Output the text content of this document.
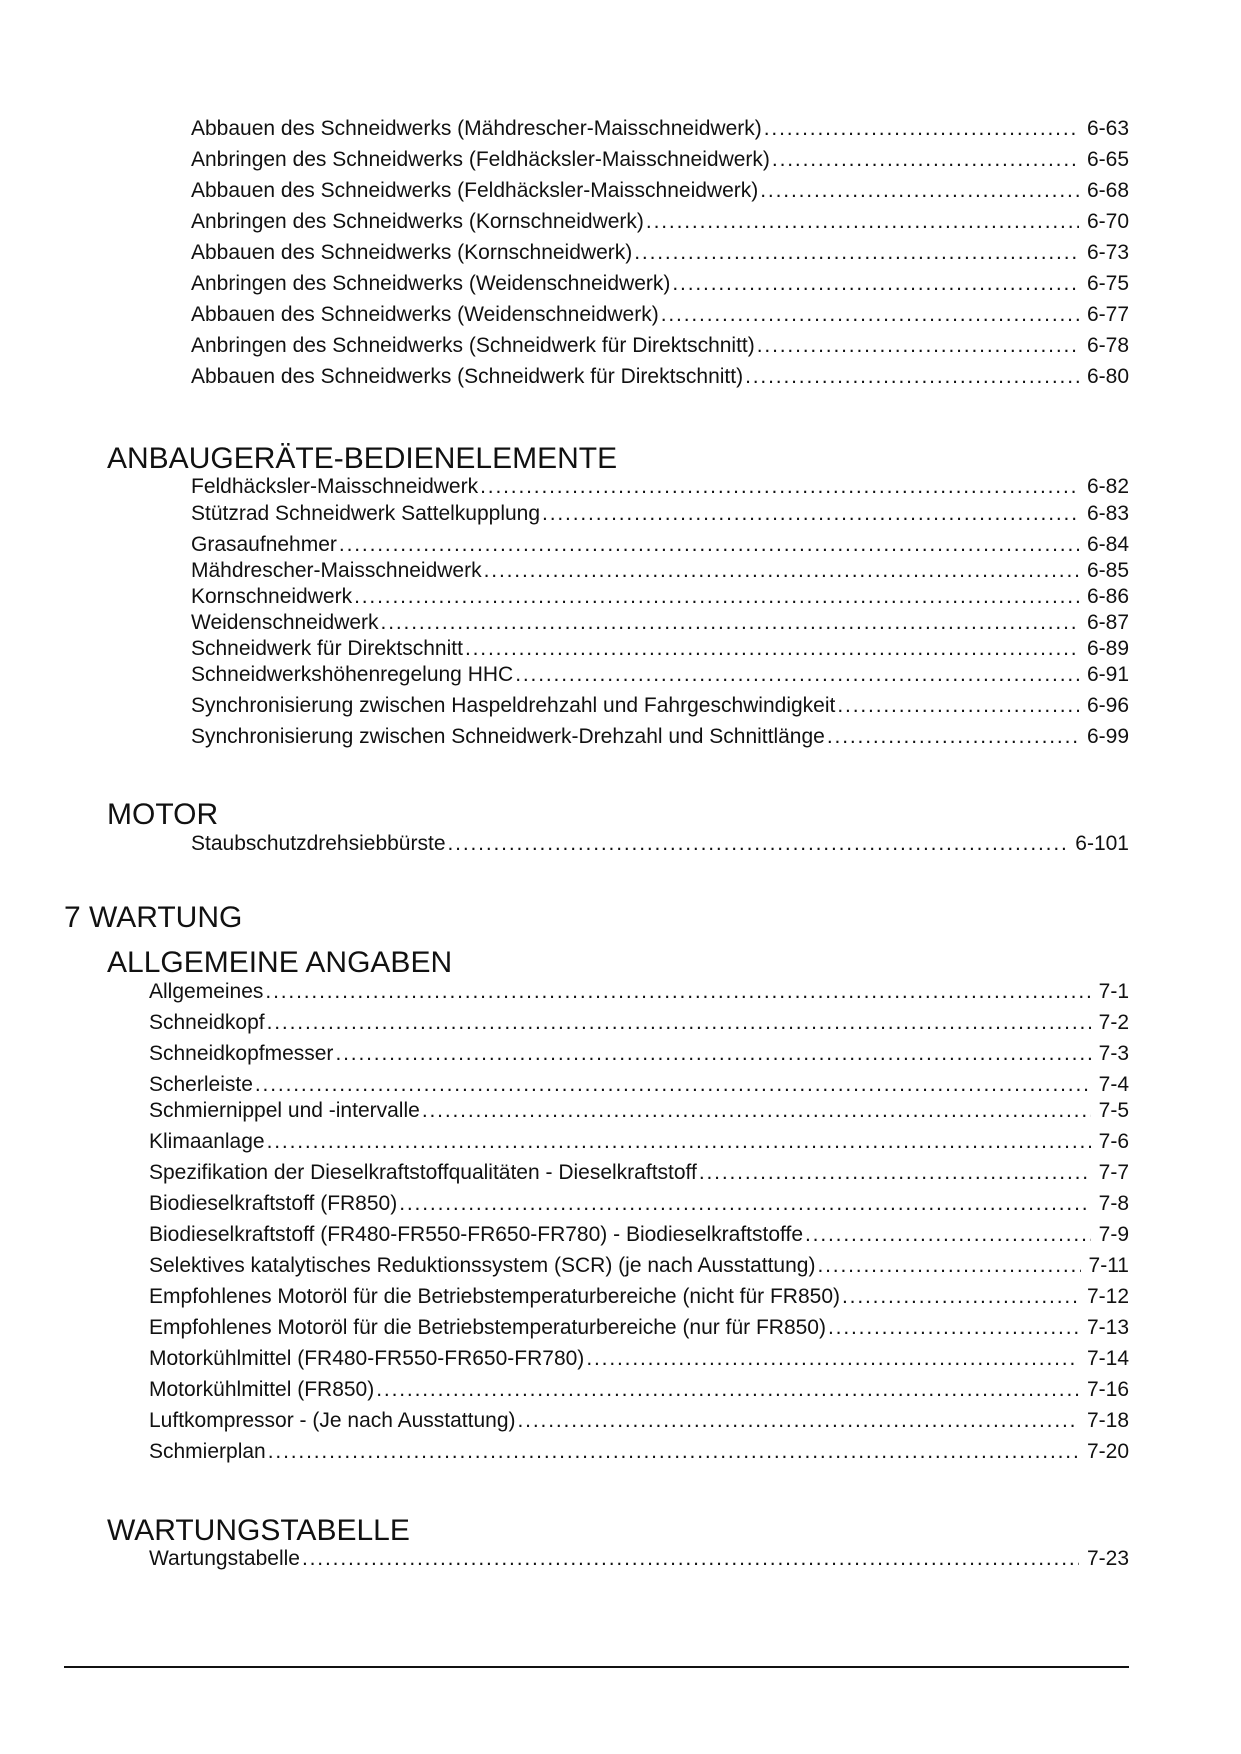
Abbauen des Schneidwerks (Mähdrescher-Maisschneidwerk) . . .	6-63
Anbringen des Schneidwerks (Feldhäcksler-Maisschneidwerk) . . .	6-65
Abbauen des Schneidwerks (Feldhäcksler-Maisschneidwerk) . . .	6-68
Anbringen des Schneidwerks (Kornschneidwerk) . . .	6-70
Abbauen des Schneidwerks (Kornschneidwerk) . . .	6-73
Anbringen des Schneidwerks (Weidenschneidwerk) . . .	6-75
Abbauen des Schneidwerks (Weidenschneidwerk) . . .	6-77
Anbringen des Schneidwerks (Schneidwerk für Direktschnitt) . . .	6-78
Abbauen des Schneidwerks (Schneidwerk für Direktschnitt) . . .	6-80
ANBAUGERÄTE-BEDIENELEMENTE
Feldhäcksler-Maisschneidwerk . . .	6-82
Stützrad Schneidwerk Sattelkupplung . . .	6-83
Grasaufnehmer . . .	6-84
Mähdrescher-Maisschneidwerk . . .	6-85
Kornschneidwerk . . .	6-86
Weidenschneidwerk . . .	6-87
Schneidwerk für Direktschnitt . . .	6-89
Schneidwerkshöhenregelung HHC . . .	6-91
Synchronisierung zwischen Haspeldrehzahl und Fahrgeschwindigkeit . . .	6-96
Synchronisierung zwischen Schneidwerk-Drehzahl und Schnittlänge . . .	6-99
MOTOR
Staubschutzdrehsiebbürste . . .	6-101
7 WARTUNG
ALLGEMEINE ANGABEN
Allgemeines . . .	7-1
Schneidkopf . . .	7-2
Schneidkopfmesser . . .	7-3
Scherleiste . . .	7-4
Schmiernippel und -intervalle . . .	7-5
Klimaanlage . . .	7-6
Spezifikation der Dieselkraftstoffqualitäten - Dieselkraftstoff . . .	7-7
Biodieselkraftstoff (FR850) . . .	7-8
Biodieselkraftstoff (FR480-FR550-FR650-FR780) - Biodieselkraftstoffe . . .	7-9
Selektives katalytisches Reduktionssystem (SCR) (je nach Ausstattung) . . .	7-11
Empfohlenes Motoröl für die Betriebstemperaturbereiche (nicht für FR850) . . .	7-12
Empfohlenes Motoröl für die Betriebstemperaturbereiche (nur für FR850) . . .	7-13
Motorkühlmittel (FR480-FR550-FR650-FR780) . . .	7-14
Motorkühlmittel (FR850) . . .	7-16
Luftkompressor - (Je nach Ausstattung) . . .	7-18
Schmierplan . . .	7-20
WARTUNGSTABELLE
Wartungstabelle . . .	7-23
